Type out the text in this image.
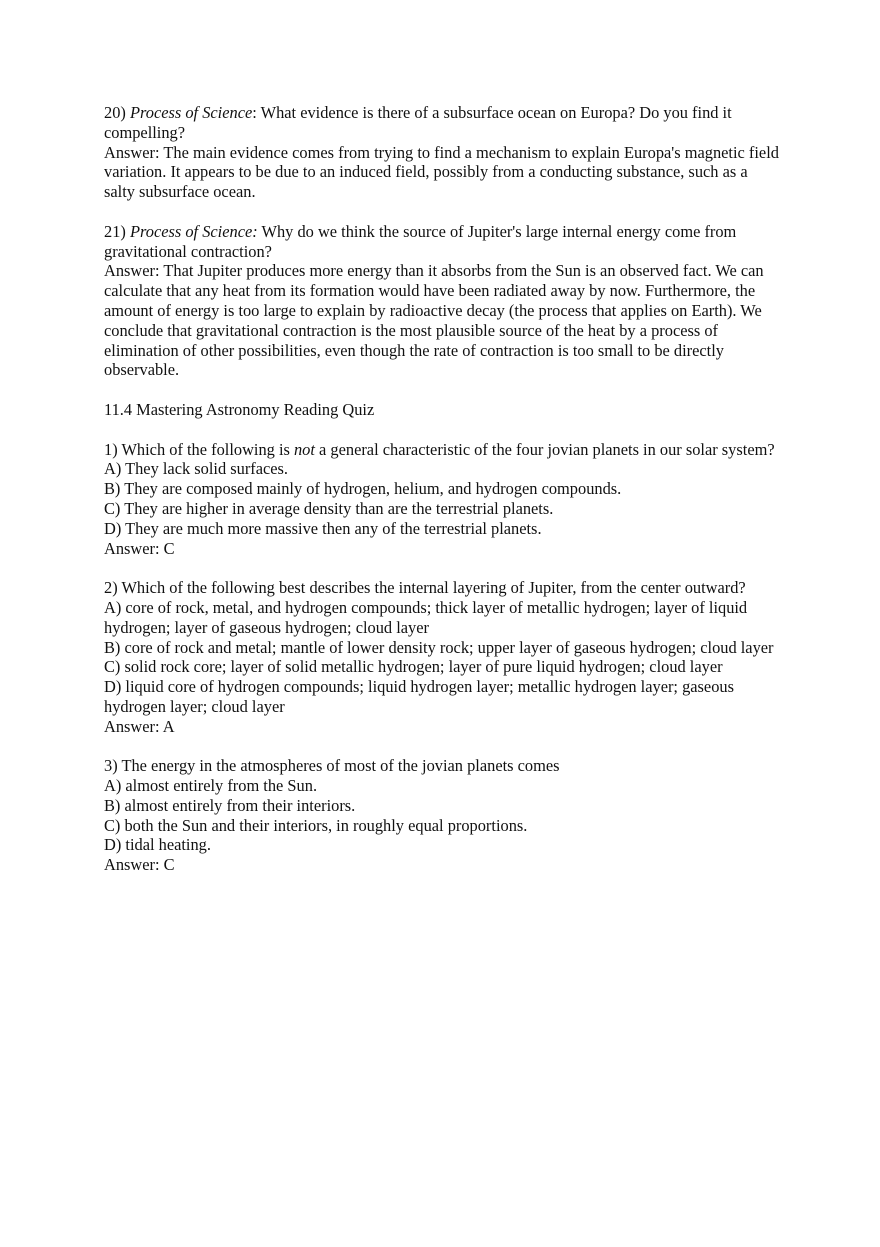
20) Process of Science: What evidence is there of a subsurface ocean on Europa? Do you find it compelling?
Answer: The main evidence comes from trying to find a mechanism to explain Europa's magnetic field variation. It appears to be due to an induced field, possibly from a conducting substance, such as a salty subsurface ocean.
21) Process of Science: Why do we think the source of Jupiter's large internal energy come from gravitational contraction?
Answer: That Jupiter produces more energy than it absorbs from the Sun is an observed fact. We can calculate that any heat from its formation would have been radiated away by now. Furthermore, the amount of energy is too large to explain by radioactive decay (the process that applies on Earth). We conclude that gravitational contraction is the most plausible source of the heat by a process of elimination of other possibilities, even though the rate of contraction is too small to be directly observable.
11.4 Mastering Astronomy Reading Quiz
1) Which of the following is not a general characteristic of the four jovian planets in our solar system?
A) They lack solid surfaces.
B) They are composed mainly of hydrogen, helium, and hydrogen compounds.
C) They are higher in average density than are the terrestrial planets.
D) They are much more massive then any of the terrestrial planets.
Answer: C
2) Which of the following best describes the internal layering of Jupiter, from the center outward?
A) core of rock, metal, and hydrogen compounds; thick layer of metallic hydrogen; layer of liquid hydrogen; layer of gaseous hydrogen; cloud layer
B) core of rock and metal; mantle of lower density rock; upper layer of gaseous hydrogen; cloud layer
C) solid rock core; layer of solid metallic hydrogen; layer of pure liquid hydrogen; cloud layer
D) liquid core of hydrogen compounds; liquid hydrogen layer; metallic hydrogen layer; gaseous hydrogen layer; cloud layer
Answer: A
3) The energy in the atmospheres of most of the jovian planets comes
A) almost entirely from the Sun.
B) almost entirely from their interiors.
C) both the Sun and their interiors, in roughly equal proportions.
D) tidal heating.
Answer: C
